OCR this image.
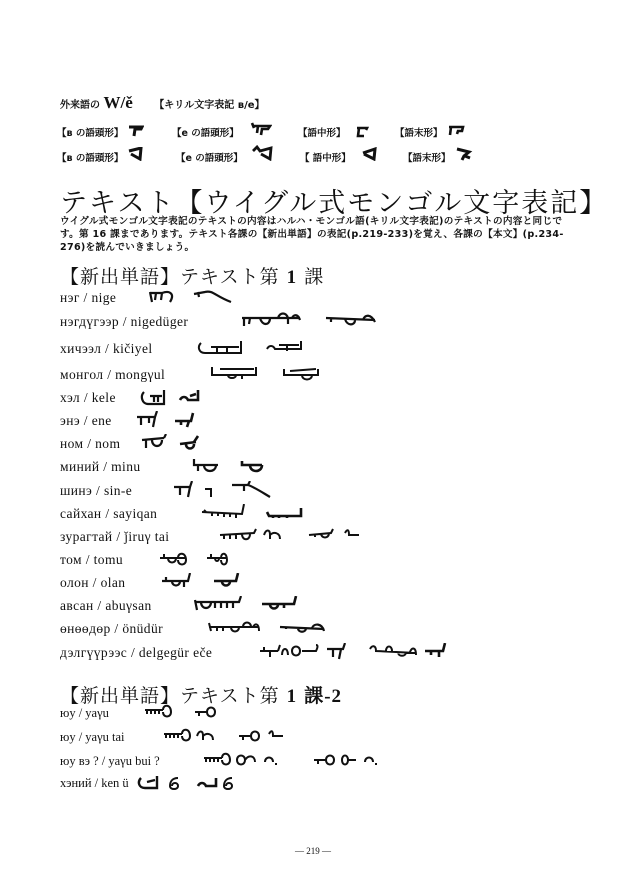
外来語の W/ě 【キリル文字表記 в/e】
【в の語頭形】	【e の語頭形】	【語中形】	【語末形】
【в の語頭形】	【e の語頭形】	【 語中形】	【語末形】
テキスト【ウイグル式モンゴル文字表記】
ウイグル式モンゴル文字表記のテキストの内容はハルハ・モンゴル語(キリル文字表記)のテキストの内容と同じです。第 16 課まであります。テキスト各課の【新出単語】の表記(p.219-233)を覚え、各課の【本文】(p.234-276)を読んでいきましょう。
【新出単語】テキスト第 1 課
нэг / nige
нэгдүгээр / nigedüger
хичээл / kičiyel
монгол / mongγul
хэл / kele
энэ / ene
ном / nom
миний / minu
шинэ / sin-e
сайхан / sayiqan
зурагтай / ǰiruγ tai
том / tomu
олон / olan
авсан / abuγsan
өнөөдөр / önüdür
дэлгүүрээс / delgegür eče
【新出単語】テキスト第 1 課-2
юу / yaγu
юу / yaγu tai
юу вэ ? / yaγu bui ?
хэний / ken ü
— 219 —
